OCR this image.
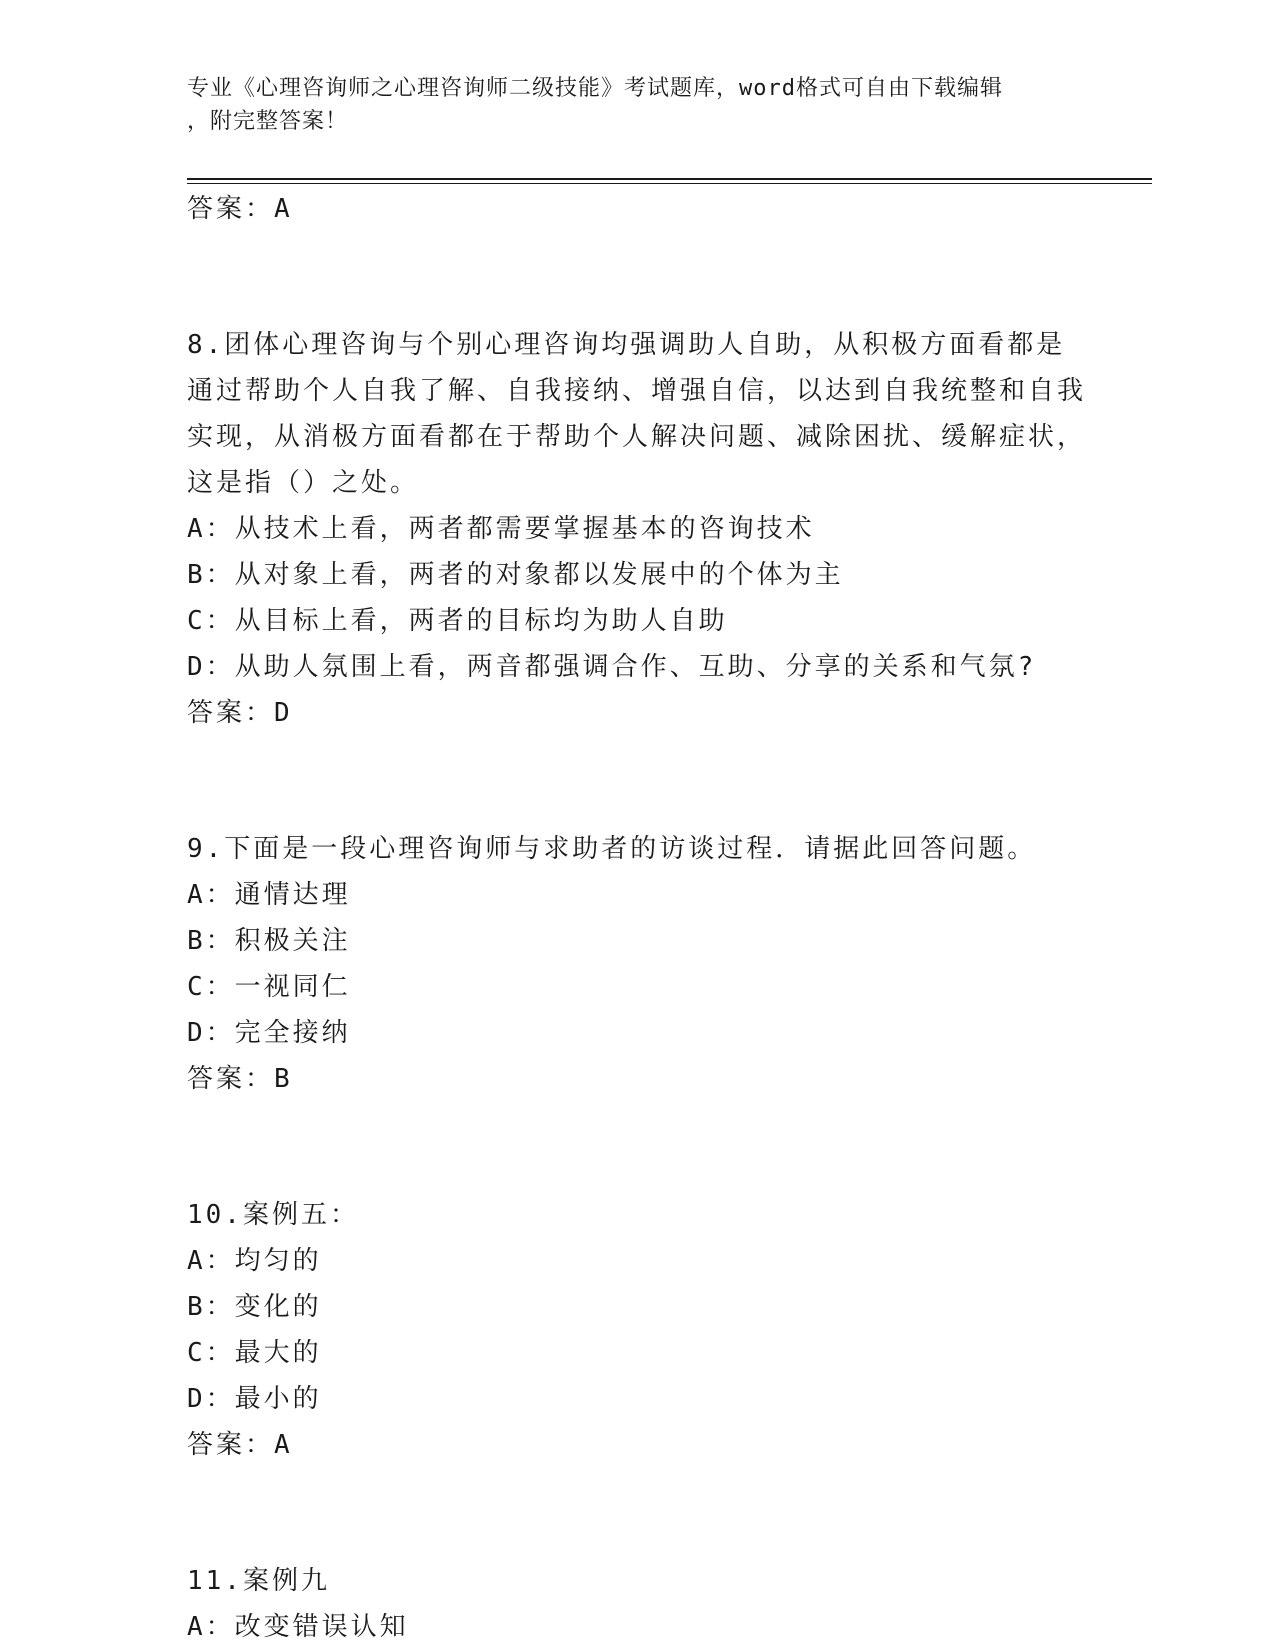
专业《心理咨询师之心理咨询师二级技能》考试题库，word格式可自由下载编辑
，附完整答案！
答案：A
8.团体心理咨询与个别心理咨询均强调助人自助，从积极方面看都是通过帮助个人自我了解、自我接纳、增强自信，以达到自我统整和自我实现，从消极方面看都在于帮助个人解决问题、减除困扰、缓解症状，这是指（）之处。
A：从技术上看，两者都需要掌握基本的咨询技术
B：从对象上看，两者的对象都以发展中的个体为主
C：从目标上看，两者的目标均为助人自助
D：从助人氛围上看，两音都强调合作、互助、分享的关系和气氛?
答案：D
9.下面是一段心理咨询师与求助者的访谈过程．请据此回答问题。
A：通情达理
B：积极关注
C：一视同仁
D：完全接纳
答案：B
10.案例五：
A：均匀的
B：变化的
C：最大的
D：最小的
答案：A
11.案例九
A：改变错误认知
